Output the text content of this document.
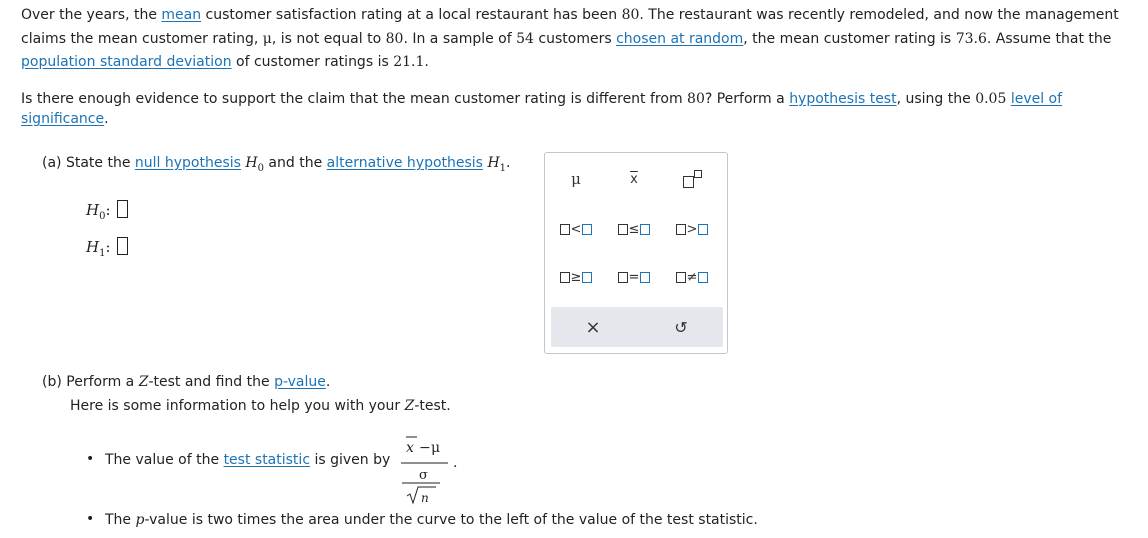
Over the years, the mean customer satisfaction rating at a local restaurant has been 80. The restaurant was recently remodeled, and now the management claims the mean customer rating, μ, is not equal to 80. In a sample of 54 customers chosen at random, the mean customer rating is 73.6. Assume that the population standard deviation of customer ratings is 21.1.
Is there enough evidence to support the claim that the mean customer rating is different from 80? Perform a hypothesis test, using the 0.05 level of significance.
(a) State the null hypothesis $H_0$ and the alternative hypothesis $H_1$.
$H_0$:
$H_1$:
μ	$\overline{x}$
<	≤	>
≥	=	≠
×	↺
(b) Perform a Z-test and find the p-value.
Here is some information to help you with your Z-test.
• The value of the test statistic is given by
x − μ
.
σ
n
• The p-value is two times the area under the curve to the left of the value of the test statistic.
